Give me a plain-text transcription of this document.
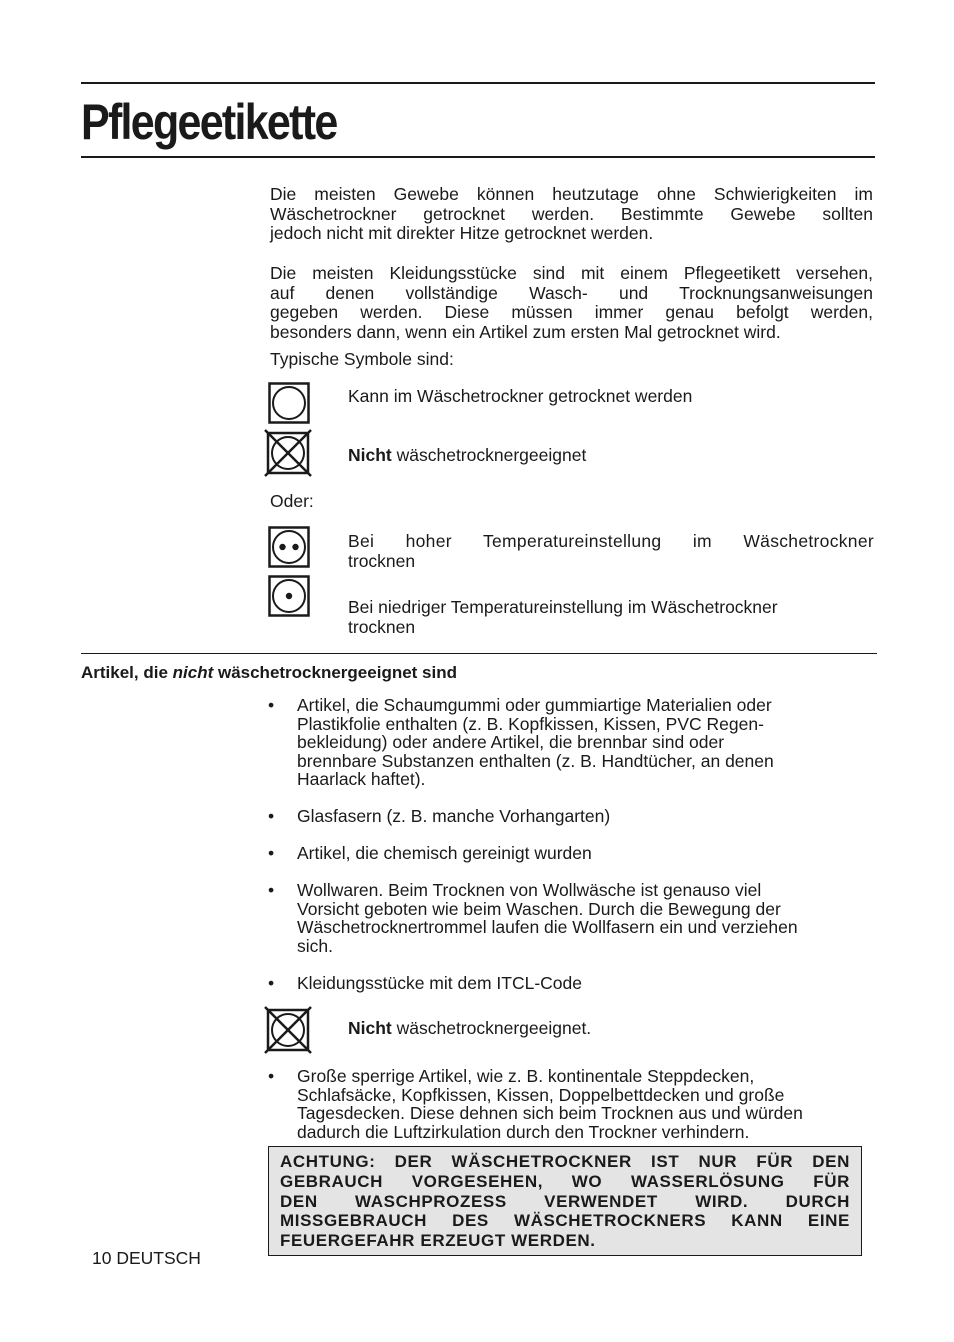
Pflegeetikette
Die meisten Gewebe können heutzutage ohne Schwierigkeiten im
Wäschetrockner getrocknet werden. Bestimmte Gewebe sollten
jedoch nicht mit direkter Hitze getrocknet werden.
Die meisten Kleidungsstücke sind mit einem Pflegeetikett versehen,
auf denen vollständige Wasch- und Trocknungsanweisungen
gegeben werden. Diese müssen immer genau befolgt werden,
besonders dann, wenn ein Artikel zum ersten Mal getrocknet wird.
Typische Symbole sind:
Kann im Wäschetrockner getrocknet werden
Nicht wäschetrocknergeeignet
Oder:
Bei hoher Temperatureinstellung im Wäschetrockner
trocknen
Bei niedriger Temperatureinstellung im Wäschetrockner
trocknen
Artikel, die nicht wäschetrocknergeeignet sind
• Artikel, die Schaumgummi oder gummiartige Materialien oder
Plastikfolie enthalten (z. B. Kopfkissen, Kissen, PVC Regen-
bekleidung) oder andere Artikel, die brennbar sind oder
brennbare Substanzen enthalten (z. B. Handtücher, an denen
Haarlack haftet).
• Glasfasern (z. B. manche Vorhangarten)
• Artikel, die chemisch gereinigt wurden
• Wollwaren. Beim Trocknen von Wollwäsche ist genauso viel
Vorsicht geboten wie beim Waschen. Durch die Bewegung der
Wäschetrocknertrommel laufen die Wollfasern ein und verziehen
sich.
• Kleidungsstücke mit dem ITCL-Code
Nicht wäschetrocknergeeignet.
• Große sperrige Artikel, wie z. B. kontinentale Steppdecken,
Schlafsäcke, Kopfkissen, Kissen, Doppelbettdecken und große
Tagesdecken. Diese dehnen sich beim Trocknen aus und würden
dadurch die Luftzirkulation durch den Trockner verhindern.
ACHTUNG: DER WÄSCHETROCKNER IST NUR FÜR DEN
GEBRAUCH VORGESEHEN, WO WASSERLÖSUNG FÜR
DEN WASCHPROZESS VERWENDET WIRD. DURCH
MISSGEBRAUCH DES WÄSCHETROCKNERS KANN EINE
FEUERGEFAHR ERZEUGT WERDEN.
10 DEUTSCH
